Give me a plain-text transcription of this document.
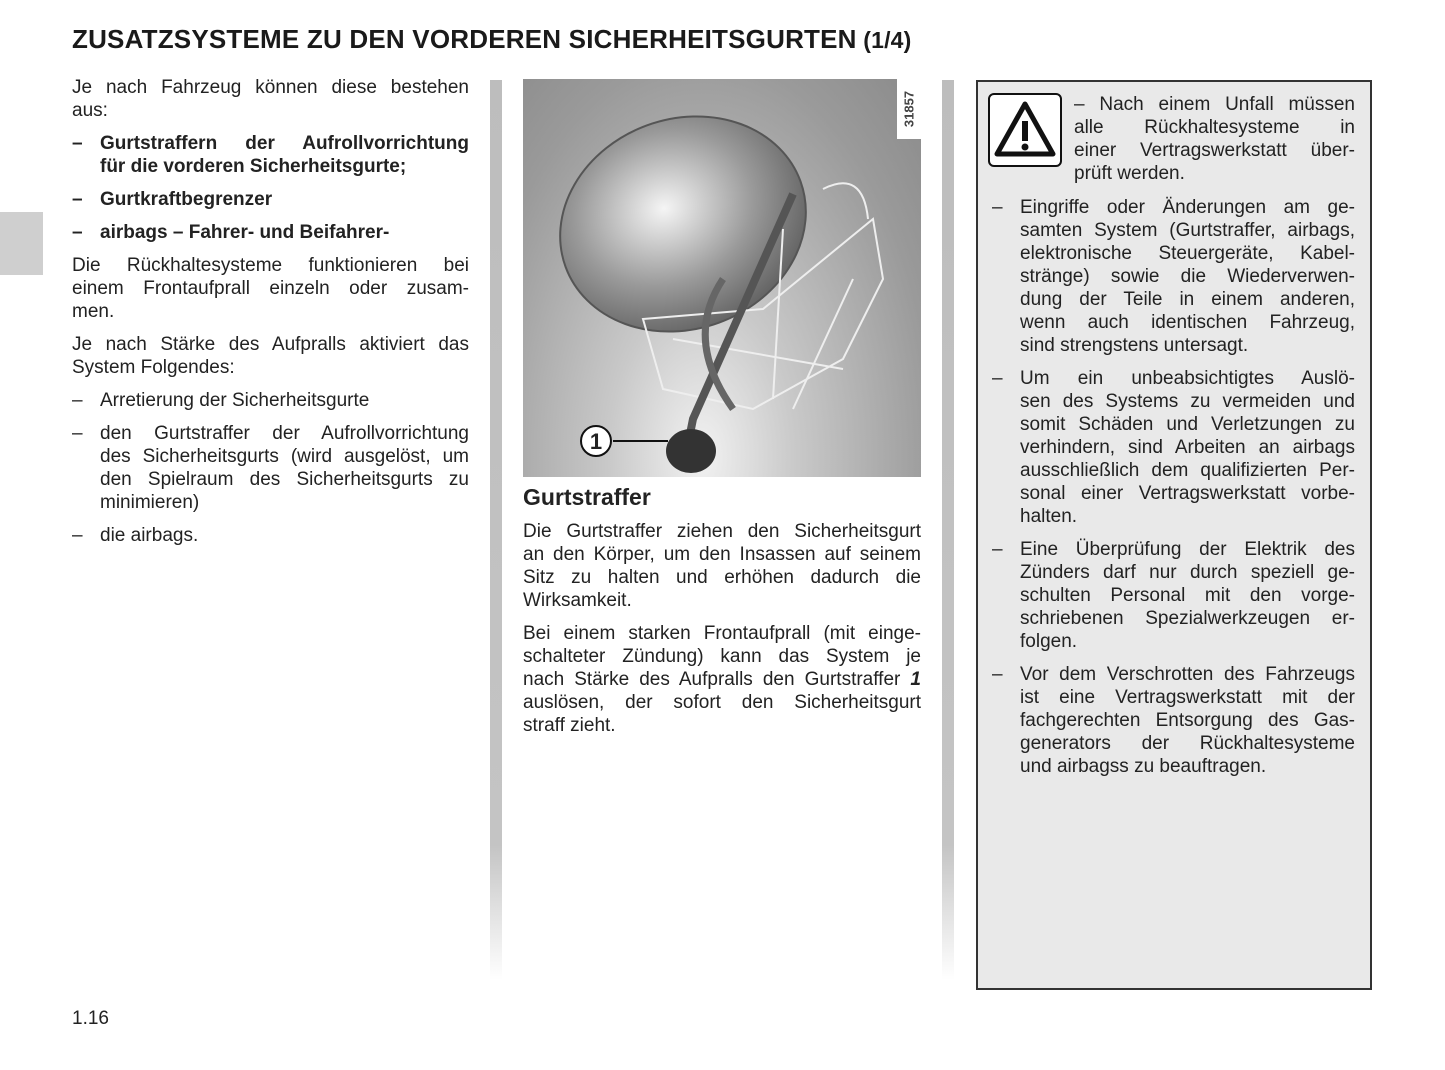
ZUSATZSYSTEME ZU DEN VORDEREN SICHERHEITSGURTEN (1/4)
Je nach Fahrzeug können diese bestehen
aus:
– Gurtstraffern der Aufrollvorrichtung
für die vorderen Sicherheitsgurte;
– Gurtkraftbegrenzer
– airbags – Fahrer- und Beifahrer-
Die Rückhaltesysteme funktionieren bei
einem Frontaufprall einzeln oder zusam-
men.
Je nach Stärke des Aufpralls aktiviert das
System Folgendes:
– Arretierung der Sicherheitsgurte
– den Gurtstraffer der Aufrollvorrichtung
des Sicherheitsgurts (wird ausgelöst, um
den Spielraum des Sicherheitsgurts zu
minimieren)
– die airbags.
1
31857
Gurtstraffer
Die Gurtstraffer ziehen den Sicherheitsgurt
an den Körper, um den Insassen auf seinem
Sitz zu halten und erhöhen dadurch die
Wirksamkeit.
Bei einem starken Frontaufprall (mit einge-
schalteter Zündung) kann das System je
nach Stärke des Aufpralls den Gurtstraffer 1
auslösen, der sofort den Sicherheitsgurt
straff zieht.
– Nach einem Unfall müssen
alle Rückhaltesysteme in
einer Vertragswerkstatt über-
prüft werden.
– Eingriffe oder Änderungen am ge-
samten System (Gurtstraffer, airbags,
elektronische Steuergeräte, Kabel-
stränge) sowie die Wiederverwen-
dung der Teile in einem anderen,
wenn auch identischen Fahrzeug,
sind strengstens untersagt.
– Um ein unbeabsichtigtes Auslö-
sen des Systems zu vermeiden und
somit Schäden und Verletzungen zu
verhindern, sind Arbeiten an airbags
ausschließlich dem qualifizierten Per-
sonal einer Vertragswerkstatt vorbe-
halten.
– Eine Überprüfung der Elektrik des
Zünders darf nur durch speziell ge-
schulten Personal mit den vorge-
schriebenen Spezialwerkzeugen er-
folgen.
– Vor dem Verschrotten des Fahrzeugs
ist eine Vertragswerkstatt mit der
fachgerechten Entsorgung des Gas-
generators der Rückhaltesysteme
und airbagss zu beauftragen.
1.16
